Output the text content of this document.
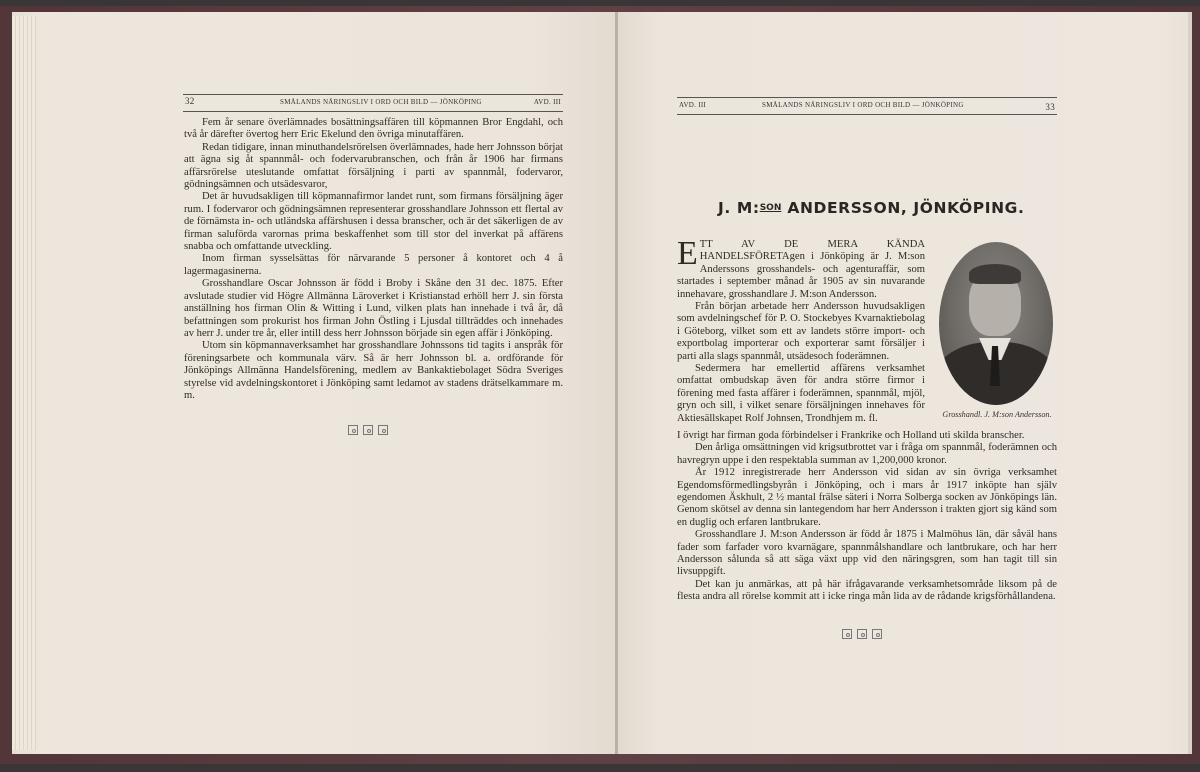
32	SMÅLANDS NÄRINGSLIV I ORD OCH BILD — JÖNKÖPING	AVD. III

Fem år senare överlämnades bosättningsaffären till köpmannen Bror Engdahl, och två år därefter övertog herr Eric Ekelund den övriga minutaffären.

Redan tidigare, innan minuthandelsrörelsen överlämnades, hade herr Johnsson börjat att ägna sig åt spannmål- och fodervarubranschen, och från år 1906 har firmans affärsrörelse uteslutande omfattat försäljning i parti av spannmål, fodervaror, gödningsämnen och utsädesvaror,

Det är huvudsakligen till köpmannafirmor landet runt, som firmans försäljning äger rum. I fodervaror och gödningsämnen representerar grosshandlare Johnsson ett flertal av de förnämsta in- och utländska affärshusen i dessa branscher, och är det säkerligen de av firman saluförda varornas prima beskaffenhet som till stor del inverkat på affärens snabba och omfattande utveckling.

Inom firman sysselsättas för närvarande 5 personer å kontoret och 4 å lagermagasinerna.

Grosshandlare Oscar Johnsson är född i Broby i Skåne den 31 dec. 1875. Efter avslutade studier vid Högre Allmänna Läroverket i Kristianstad erhöll herr J. sin första anställning hos firman Olin & Witting i Lund, vilken plats han innehade i två år, då befattningen som prokurist hos firman John Östling i Ljusdal tillträddes och innehades av herr J. under tre år, eller intill dess herr Johnsson började sin egen affär i Jönköping.

Utom sin köpmannaverksamhet har grosshandlare Johnssons tid tagits i anspråk för föreningsarbete och kommunala värv. Så är herr Johnsson bl. a. ordförande för Jönköpings Allmänna Handelsförening, medlem av Bankaktiebolaget Södra Sveriges styrelse vid avdelningskontoret i Jönköping samt ledamot av stadens drätselkammare m. m.

AVD. III	SMÅLANDS NÄRINGSLIV I ORD OCH BILD — JÖNKÖPING	33
J. M:$^{SON}$ ANDERSSON, JÖNKÖPING.

ETT AV DE MERA KÄNDA HANDELSFÖRETAgen i Jönköping är J. M:son Anderssons grosshandels- och agenturaffär, som startades i september månad år 1905 av sin nuvarande innehavare, grosshandlare J. M:son Andersson.

Från början arbetade herr Andersson huvudsakligen som avdelningschef för P. O. Stockebyes Kvarnaktiebolag i Göteborg, vilket som ett av landets större import- och exportbolag importerar och exporterar samt försäljer i parti alla slags spannmål, utsädesoch foderämnen.

Sedermera har emellertid affärens verksamhet omfattat ombudskap även för andra större firmor i förening med fasta affärer i foderämnen, spannmål, mjöl, gryn och sill, i vilket senare försäljningen innehaves för Aktiesällskapet Rolf Johnsen, Trondhjem m. fl.	Grosshandl. J. M:son Andersson.

I övrigt har firman goda förbindelser i Frankrike och Holland uti skilda branscher.

Den årliga omsättningen vid krigsutbrottet var i fråga om spannmål, foderämnen och havregryn uppe i den respektabla summan av 1,200,000 kronor.

År 1912 inregistrerade herr Andersson vid sidan av sin övriga verksamhet Egendomsförmedlingsbyrån i Jönköping, och i mars år 1917 inköpte han själv egendomen Äskhult, 2 ½ mantal frälse säteri i Norra Solberga socken av Jönköpings län. Genom skötsel av denna sin lantegendom har herr Andersson i trakten gjort sig känd som en duglig och erfaren lantbrukare.

Grosshandlare J. M:son Andersson är född år 1875 i Malmöhus län, där såväl hans fader som farfader voro kvarnägare, spannmålshandlare och lantbrukare, och har herr Andersson sålunda så att säga växt upp vid den näringsgren, som han tagit till sin livsuppgift.

Det kan ju anmärkas, att på här ifrågavarande verksamhetsområde liksom på de flesta andra all rörelse kommit att i icke ringa mån lida av de rådande krigsförhållandena.
